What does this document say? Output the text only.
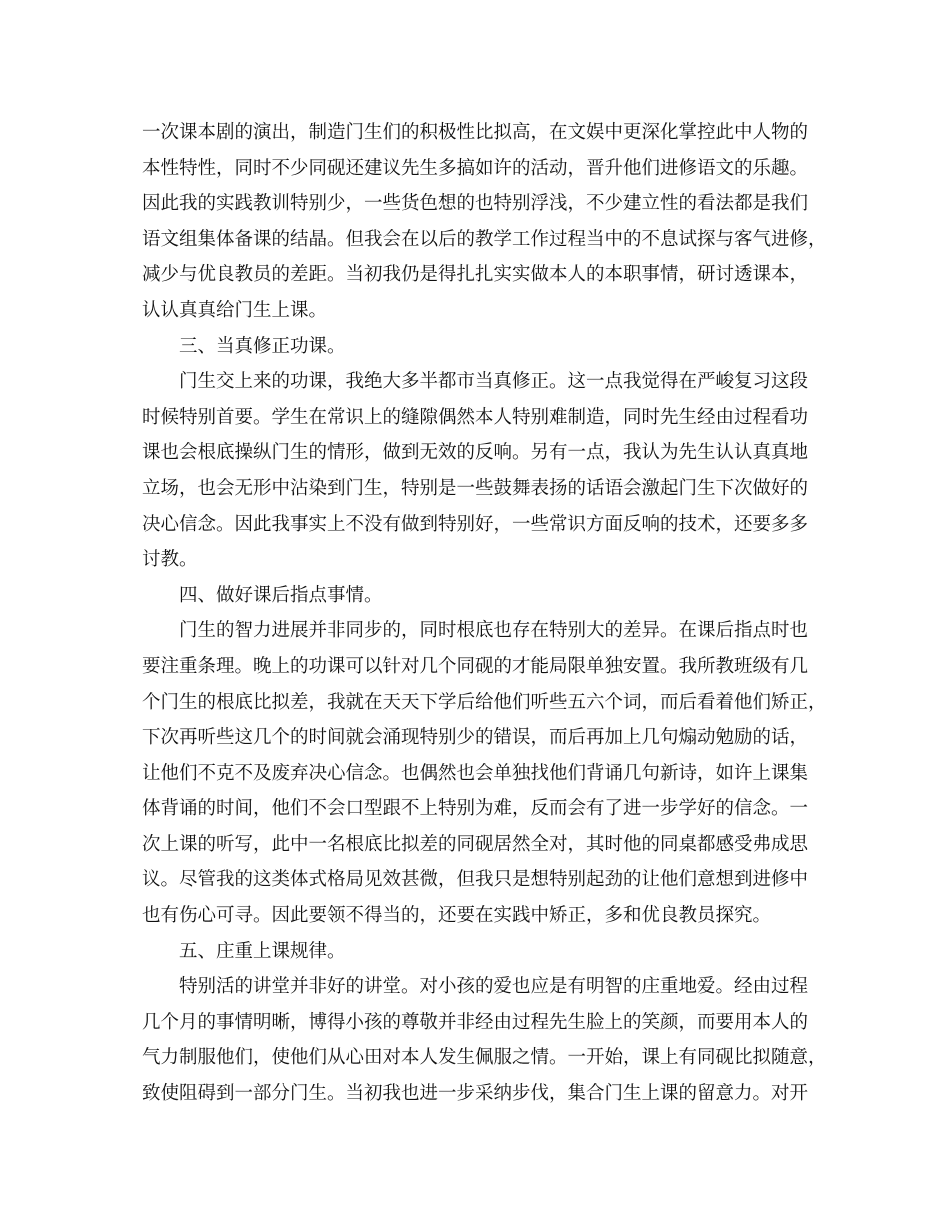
一次课本剧的演出，制造门生们的积极性比拟高，在文娱中更深化掌控此中人物的
本性特性，同时不少同砚还建议先生多搞如许的活动，晋升他们进修语文的乐趣。
因此我的实践教训特别少，一些货色想的也特别浮浅，不少建立性的看法都是我们
语文组集体备课的结晶。但我会在以后的教学工作过程当中的不息试探与客气进修，
减少与优良教员的差距。当初我仍是得扎扎实实做本人的本职事情，研讨透课本，
认认真真给门生上课。
三、当真修正功课。
门生交上来的功课，我绝大多半都市当真修正。这一点我觉得在严峻复习这段
时候特别首要。学生在常识上的缝隙偶然本人特别难制造，同时先生经由过程看功
课也会根底操纵门生的情形，做到无效的反响。另有一点，我认为先生认认真真地
立场，也会无形中沾染到门生，特别是一些鼓舞表扬的话语会激起门生下次做好的
决心信念。因此我事实上不没有做到特别好，一些常识方面反响的技术，还要多多
讨教。
四、做好课后指点事情。
门生的智力进展并非同步的，同时根底也存在特别大的差异。在课后指点时也
要注重条理。晚上的功课可以针对几个同砚的才能局限单独安置。我所教班级有几
个门生的根底比拟差，我就在天天下学后给他们听些五六个词，而后看着他们矫正，
下次再听些这几个的时间就会涌现特别少的错误，而后再加上几句煽动勉励的话，
让他们不克不及废弃决心信念。也偶然也会单独找他们背诵几句新诗，如许上课集
体背诵的时间，他们不会口型跟不上特别为难，反而会有了进一步学好的信念。一
次上课的听写，此中一名根底比拟差的同砚居然全对，其时他的同桌都感受弗成思
议。尽管我的这类体式格局见效甚微，但我只是想特别起劲的让他们意想到进修中
也有伤心可寻。因此要领不得当的，还要在实践中矫正，多和优良教员探究。
五、庄重上课规律。
特别活的讲堂并非好的讲堂。对小孩的爱也应是有明智的庄重地爱。经由过程
几个月的事情明晰，博得小孩的尊敬并非经由过程先生脸上的笑颜，而要用本人的
气力制服他们，使他们从心田对本人发生佩服之情。一开始，课上有同砚比拟随意，
致使阻碍到一部分门生。当初我也进一步采纳步伐，集合门生上课的留意力。对开
